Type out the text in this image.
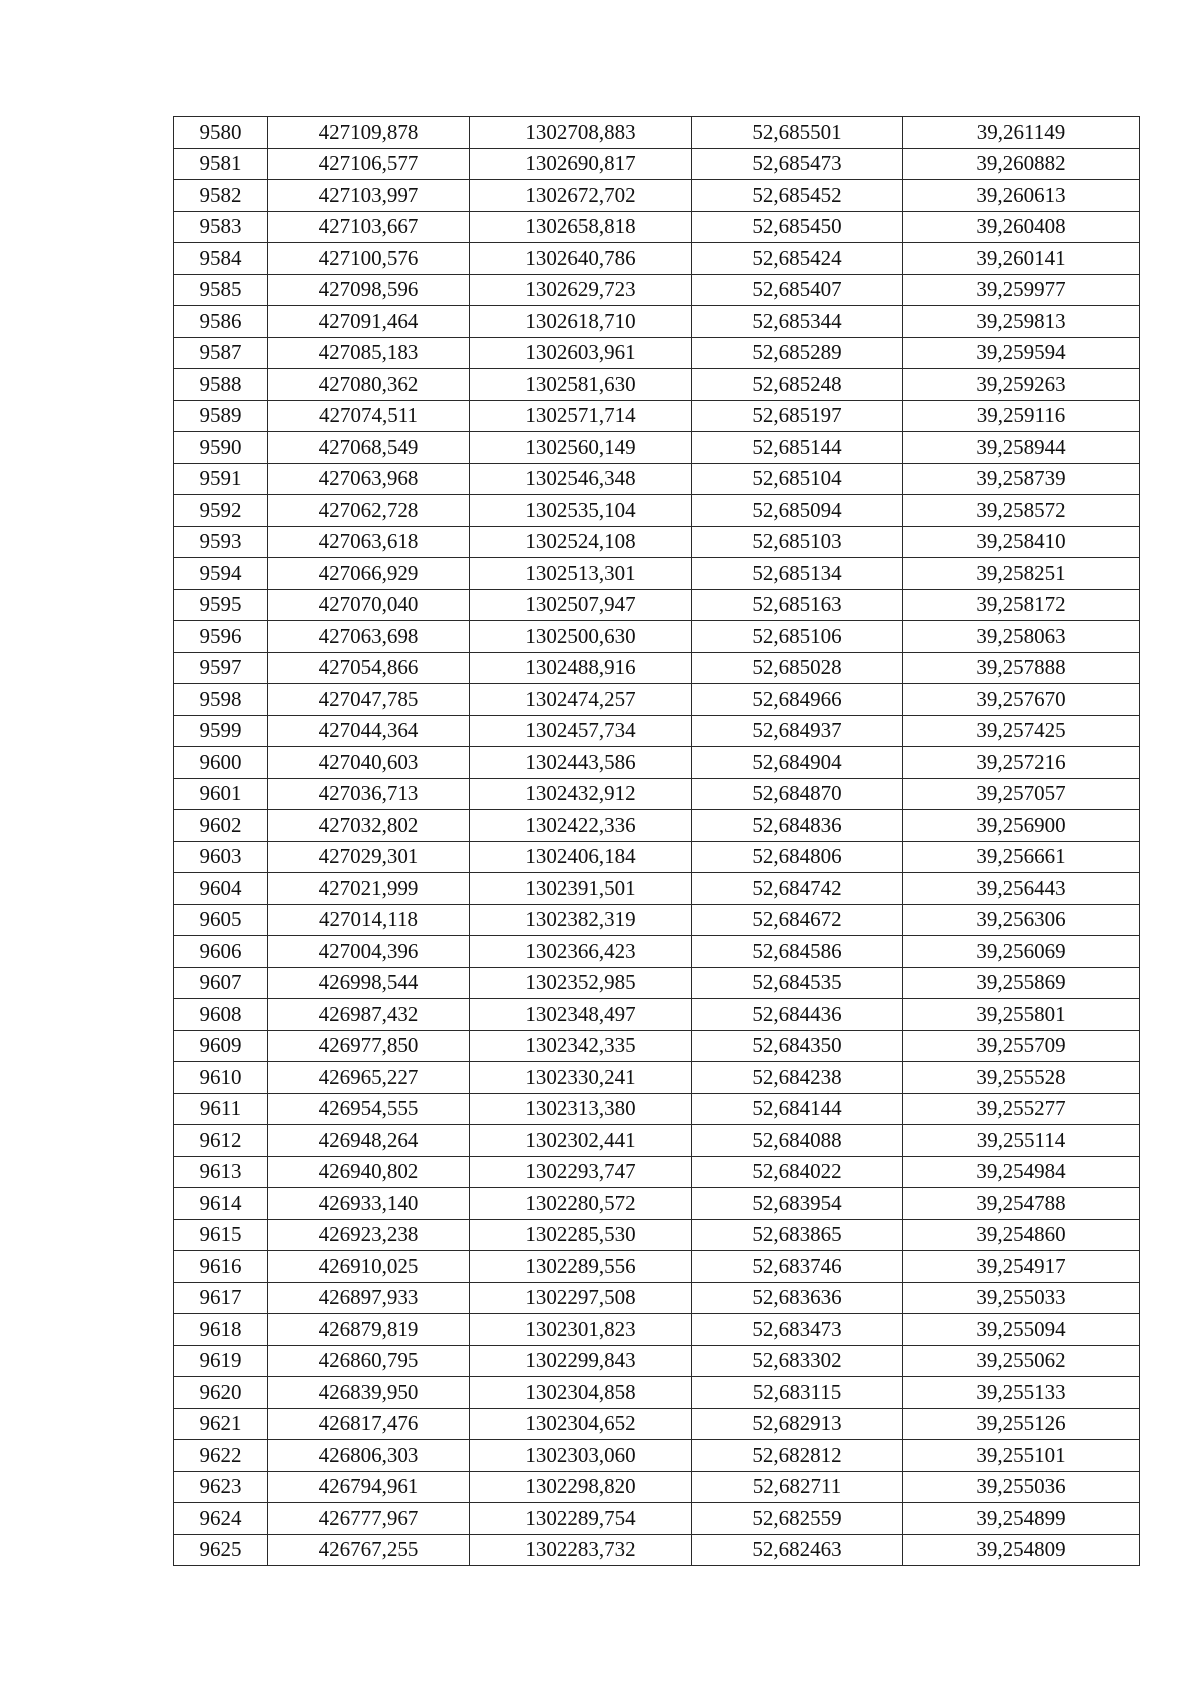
9580	427109,878	1302708,883	52,685501	39,261149
9581	427106,577	1302690,817	52,685473	39,260882
9582	427103,997	1302672,702	52,685452	39,260613
9583	427103,667	1302658,818	52,685450	39,260408
9584	427100,576	1302640,786	52,685424	39,260141
9585	427098,596	1302629,723	52,685407	39,259977
9586	427091,464	1302618,710	52,685344	39,259813
9587	427085,183	1302603,961	52,685289	39,259594
9588	427080,362	1302581,630	52,685248	39,259263
9589	427074,511	1302571,714	52,685197	39,259116
9590	427068,549	1302560,149	52,685144	39,258944
9591	427063,968	1302546,348	52,685104	39,258739
9592	427062,728	1302535,104	52,685094	39,258572
9593	427063,618	1302524,108	52,685103	39,258410
9594	427066,929	1302513,301	52,685134	39,258251
9595	427070,040	1302507,947	52,685163	39,258172
9596	427063,698	1302500,630	52,685106	39,258063
9597	427054,866	1302488,916	52,685028	39,257888
9598	427047,785	1302474,257	52,684966	39,257670
9599	427044,364	1302457,734	52,684937	39,257425
9600	427040,603	1302443,586	52,684904	39,257216
9601	427036,713	1302432,912	52,684870	39,257057
9602	427032,802	1302422,336	52,684836	39,256900
9603	427029,301	1302406,184	52,684806	39,256661
9604	427021,999	1302391,501	52,684742	39,256443
9605	427014,118	1302382,319	52,684672	39,256306
9606	427004,396	1302366,423	52,684586	39,256069
9607	426998,544	1302352,985	52,684535	39,255869
9608	426987,432	1302348,497	52,684436	39,255801
9609	426977,850	1302342,335	52,684350	39,255709
9610	426965,227	1302330,241	52,684238	39,255528
9611	426954,555	1302313,380	52,684144	39,255277
9612	426948,264	1302302,441	52,684088	39,255114
9613	426940,802	1302293,747	52,684022	39,254984
9614	426933,140	1302280,572	52,683954	39,254788
9615	426923,238	1302285,530	52,683865	39,254860
9616	426910,025	1302289,556	52,683746	39,254917
9617	426897,933	1302297,508	52,683636	39,255033
9618	426879,819	1302301,823	52,683473	39,255094
9619	426860,795	1302299,843	52,683302	39,255062
9620	426839,950	1302304,858	52,683115	39,255133
9621	426817,476	1302304,652	52,682913	39,255126
9622	426806,303	1302303,060	52,682812	39,255101
9623	426794,961	1302298,820	52,682711	39,255036
9624	426777,967	1302289,754	52,682559	39,254899
9625	426767,255	1302283,732	52,682463	39,254809
